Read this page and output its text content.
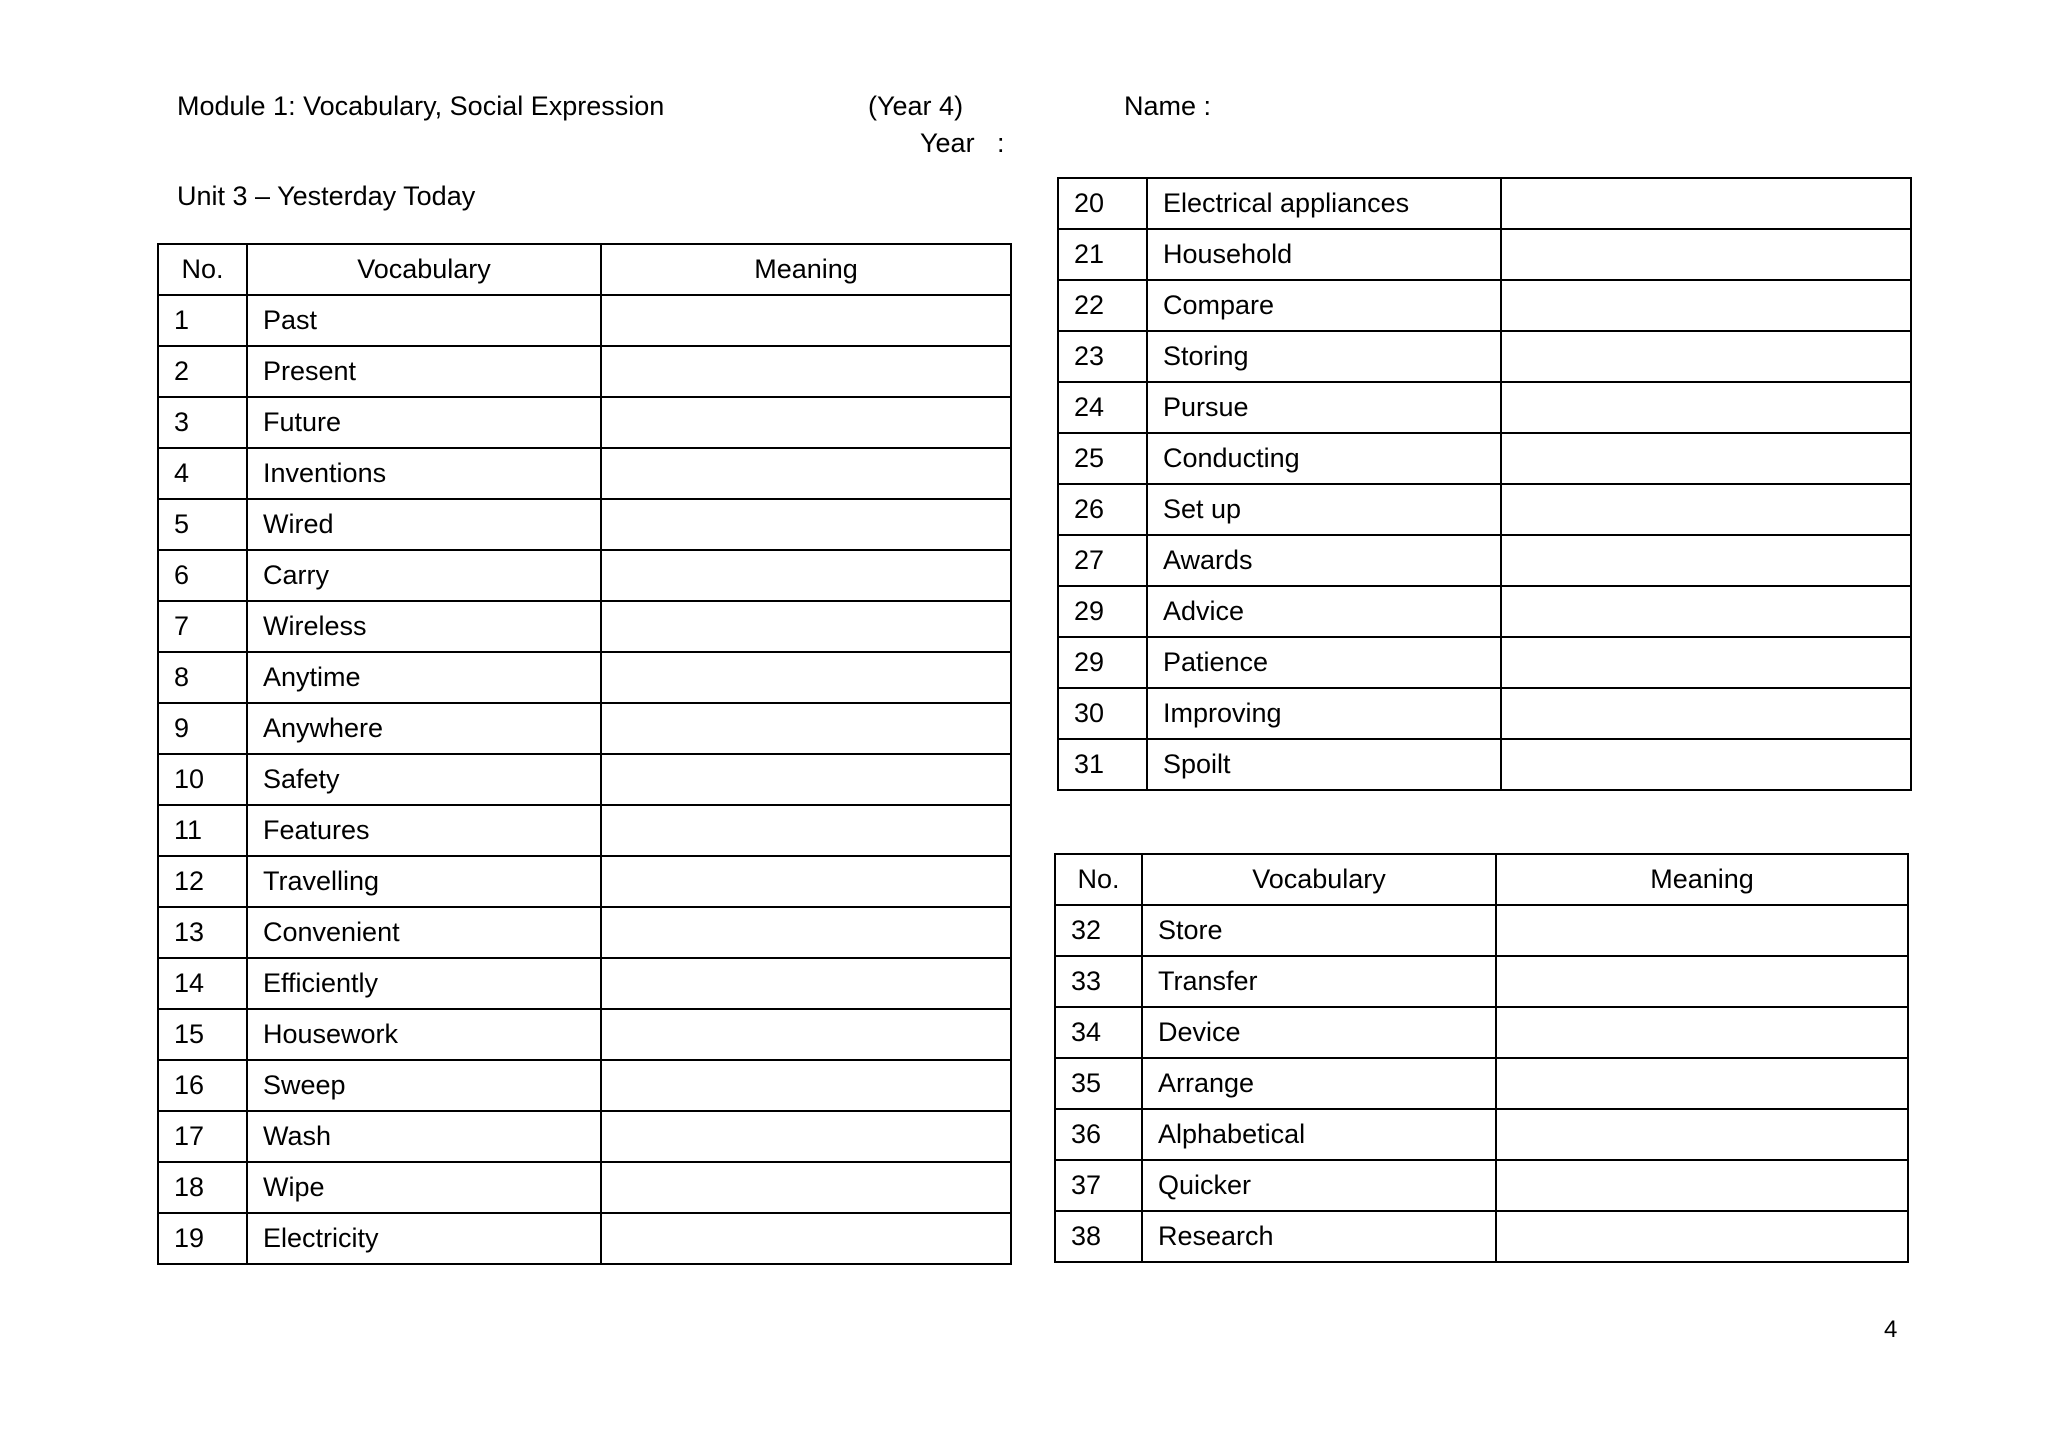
Module 1: Vocabulary, Social Expression	(Year 4)	Name :
Year   :
Unit 3 – Yesterday Today
No.	Vocabulary	Meaning
1	Past	
2	Present	
3	Future	
4	Inventions	
5	Wired	
6	Carry	
7	Wireless	
8	Anytime	
9	Anywhere	
10	Safety	
11	Features	
12	Travelling	
13	Convenient	
14	Efficiently	
15	Housework	
16	Sweep	
17	Wash	
18	Wipe	
19	Electricity	
20	Electrical appliances	
21	Household	
22	Compare	
23	Storing	
24	Pursue	
25	Conducting	
26	Set up	
27	Awards	
29	Advice	
29	Patience	
30	Improving	
31	Spoilt	
No.	Vocabulary	Meaning
32	Store	
33	Transfer	
34	Device	
35	Arrange	
36	Alphabetical	
37	Quicker	
38	Research	
4
